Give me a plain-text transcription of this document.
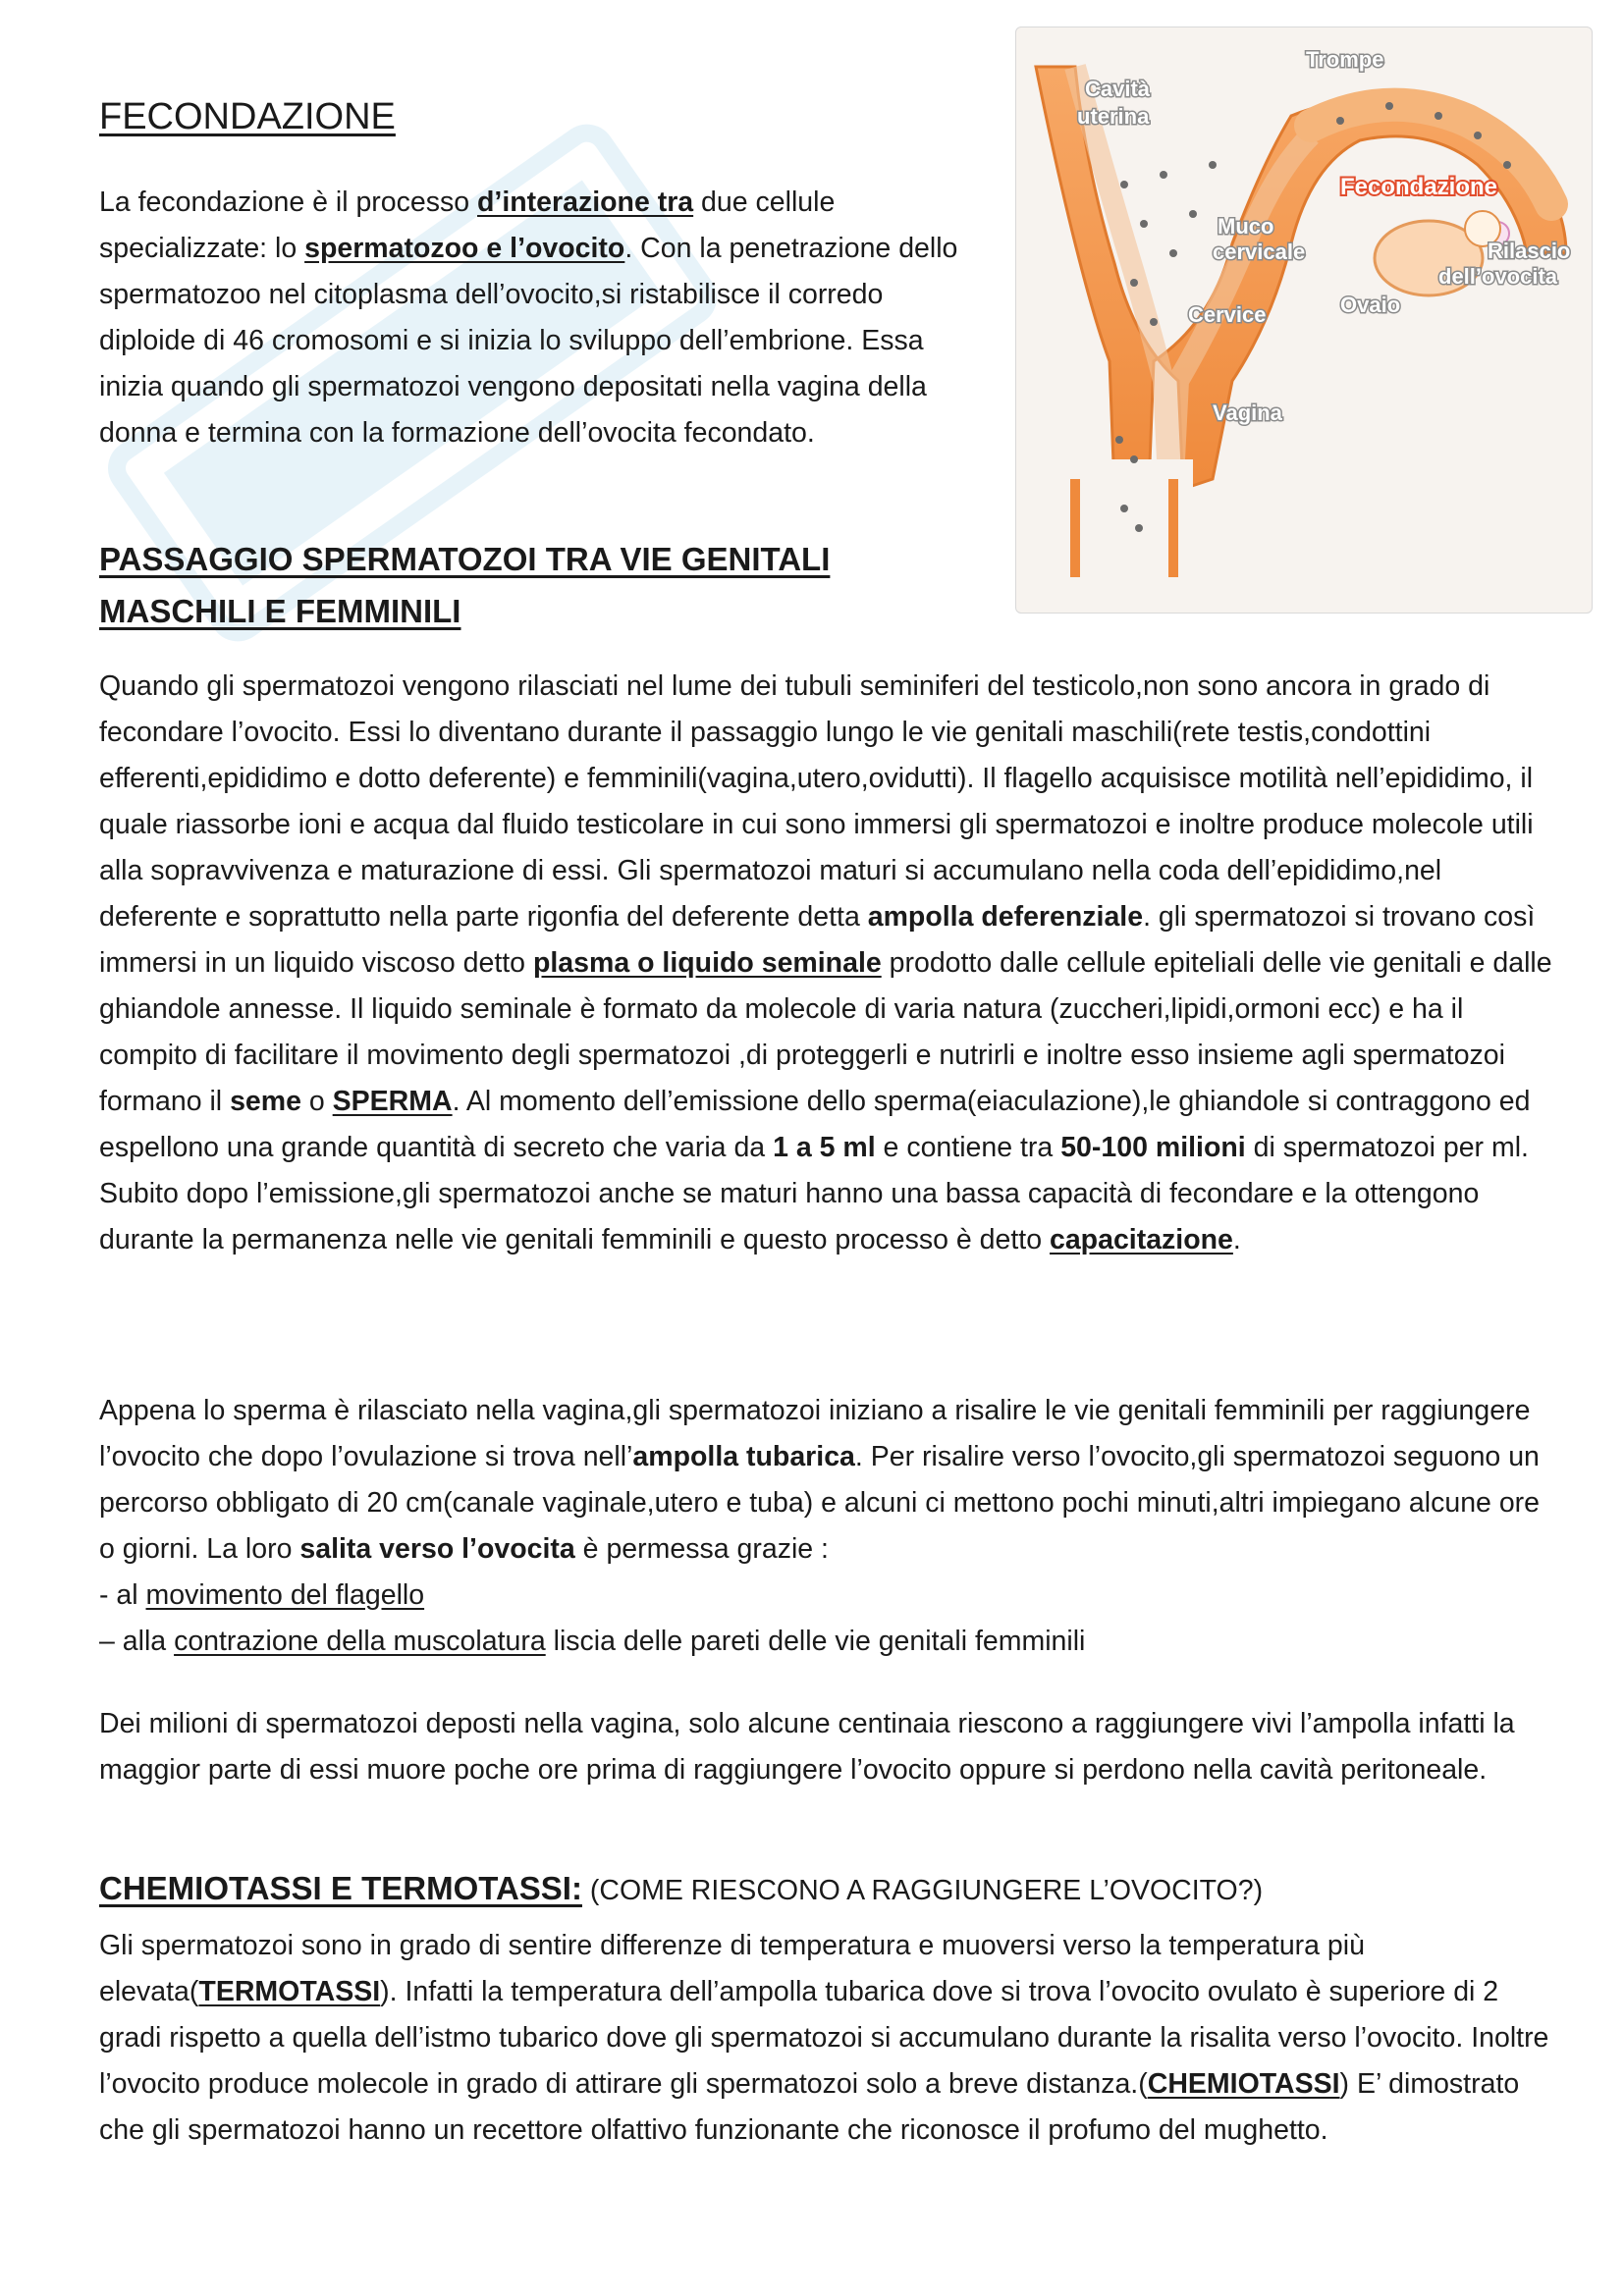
FECONDAZIONE

La fecondazione è il processo d’interazione tra due cellule specializzate: lo spermatozoo e l’ovocito. Con la penetrazione dello spermatozoo nel citoplasma dell’ovocito,si ristabilisce il corredo diploide di 46 cromosomi e si inizia lo sviluppo dell’embrione. Essa inizia quando gli spermatozoi vengono depositati nella vagina della donna e termina con la formazione dell’ovocita fecondato.

PASSAGGIO SPERMATOZOI TRA VIE GENITALI
MASCHILI E FEMMINILI

Quando gli spermatozoi vengono rilasciati nel lume dei tubuli seminiferi del testicolo,non sono ancora in grado di fecondare l’ovocito. Essi lo diventano durante il passaggio lungo le vie genitali maschili(rete testis,condottini efferenti,epididimo e dotto deferente) e femminili(vagina,utero,ovidutti). Il flagello acquisisce motilità nell’epididimo, il quale riassorbe ioni e acqua dal fluido testicolare in cui sono immersi gli spermatozoi e inoltre produce molecole utili alla sopravvivenza e maturazione di essi. Gli spermatozoi maturi si accumulano nella coda dell’epididimo,nel deferente e soprattutto nella parte rigonfia del deferente detta ampolla deferenziale. gli spermatozoi si trovano così immersi in un liquido viscoso detto plasma o liquido seminale prodotto dalle cellule epiteliali delle vie genitali e dalle ghiandole annesse. Il liquido seminale è formato da molecole di varia natura (zuccheri,lipidi,ormoni ecc) e ha il compito di facilitare il movimento degli spermatozoi ,di proteggerli e nutrirli e inoltre esso insieme agli spermatozoi formano il seme o SPERMA. Al momento dell’emissione dello sperma(eiaculazione),le ghiandole si contraggono ed espellono una grande quantità di secreto che varia da 1 a 5 ml e contiene tra 50-100 milioni di spermatozoi per ml. Subito dopo l’emissione,gli spermatozoi anche se maturi hanno una bassa capacità di fecondare e la ottengono durante la permanenza nelle vie genitali femminili e questo processo è detto capacitazione.

Appena lo sperma è rilasciato nella vagina,gli spermatozoi iniziano a risalire le vie genitali femminili per raggiungere l’ovocito che dopo l’ovulazione si trova nell’ampolla tubarica. Per risalire verso l’ovocito,gli spermatozoi seguono un percorso obbligato di 20 cm(canale vaginale,utero e tuba) e alcuni ci mettono pochi minuti,altri impiegano alcune ore o giorni. La loro salita verso l’ovocita è permessa grazie :
- al movimento del flagello
– alla contrazione della muscolatura liscia delle pareti delle vie genitali femminili

Dei milioni di spermatozoi deposti nella vagina, solo alcune centinaia riescono a raggiungere vivi l’ampolla infatti la maggior parte di essi muore poche ore prima di raggiungere l’ovocito oppure si perdono nella cavità peritoneale.

CHEMIOTASSI E TERMOTASSI: (COME RIESCONO A RAGGIUNGERE L’OVOCITO?)

Gli spermatozoi sono in grado di sentire differenze di temperatura e muoversi verso la temperatura più elevata(TERMOTASSI). Infatti la temperatura dell’ampolla tubarica dove si trova l’ovocito ovulato è superiore di 2 gradi rispetto a quella dell’istmo tubarico dove gli spermatozoi si accumulano durante la risalita verso l’ovocito. Inoltre l’ovocito produce molecole in grado di attirare gli spermatozoi solo a breve distanza.(CHEMIOTASSI) E’ dimostrato che gli spermatozoi hanno un recettore olfattivo funzionante che riconosce il profumo del mughetto.

Cavità uterina
Trompe
Ovaio
Cervice
Muco cervicale	Rilascio dell’ovocita
Vagina
Fecondazione
